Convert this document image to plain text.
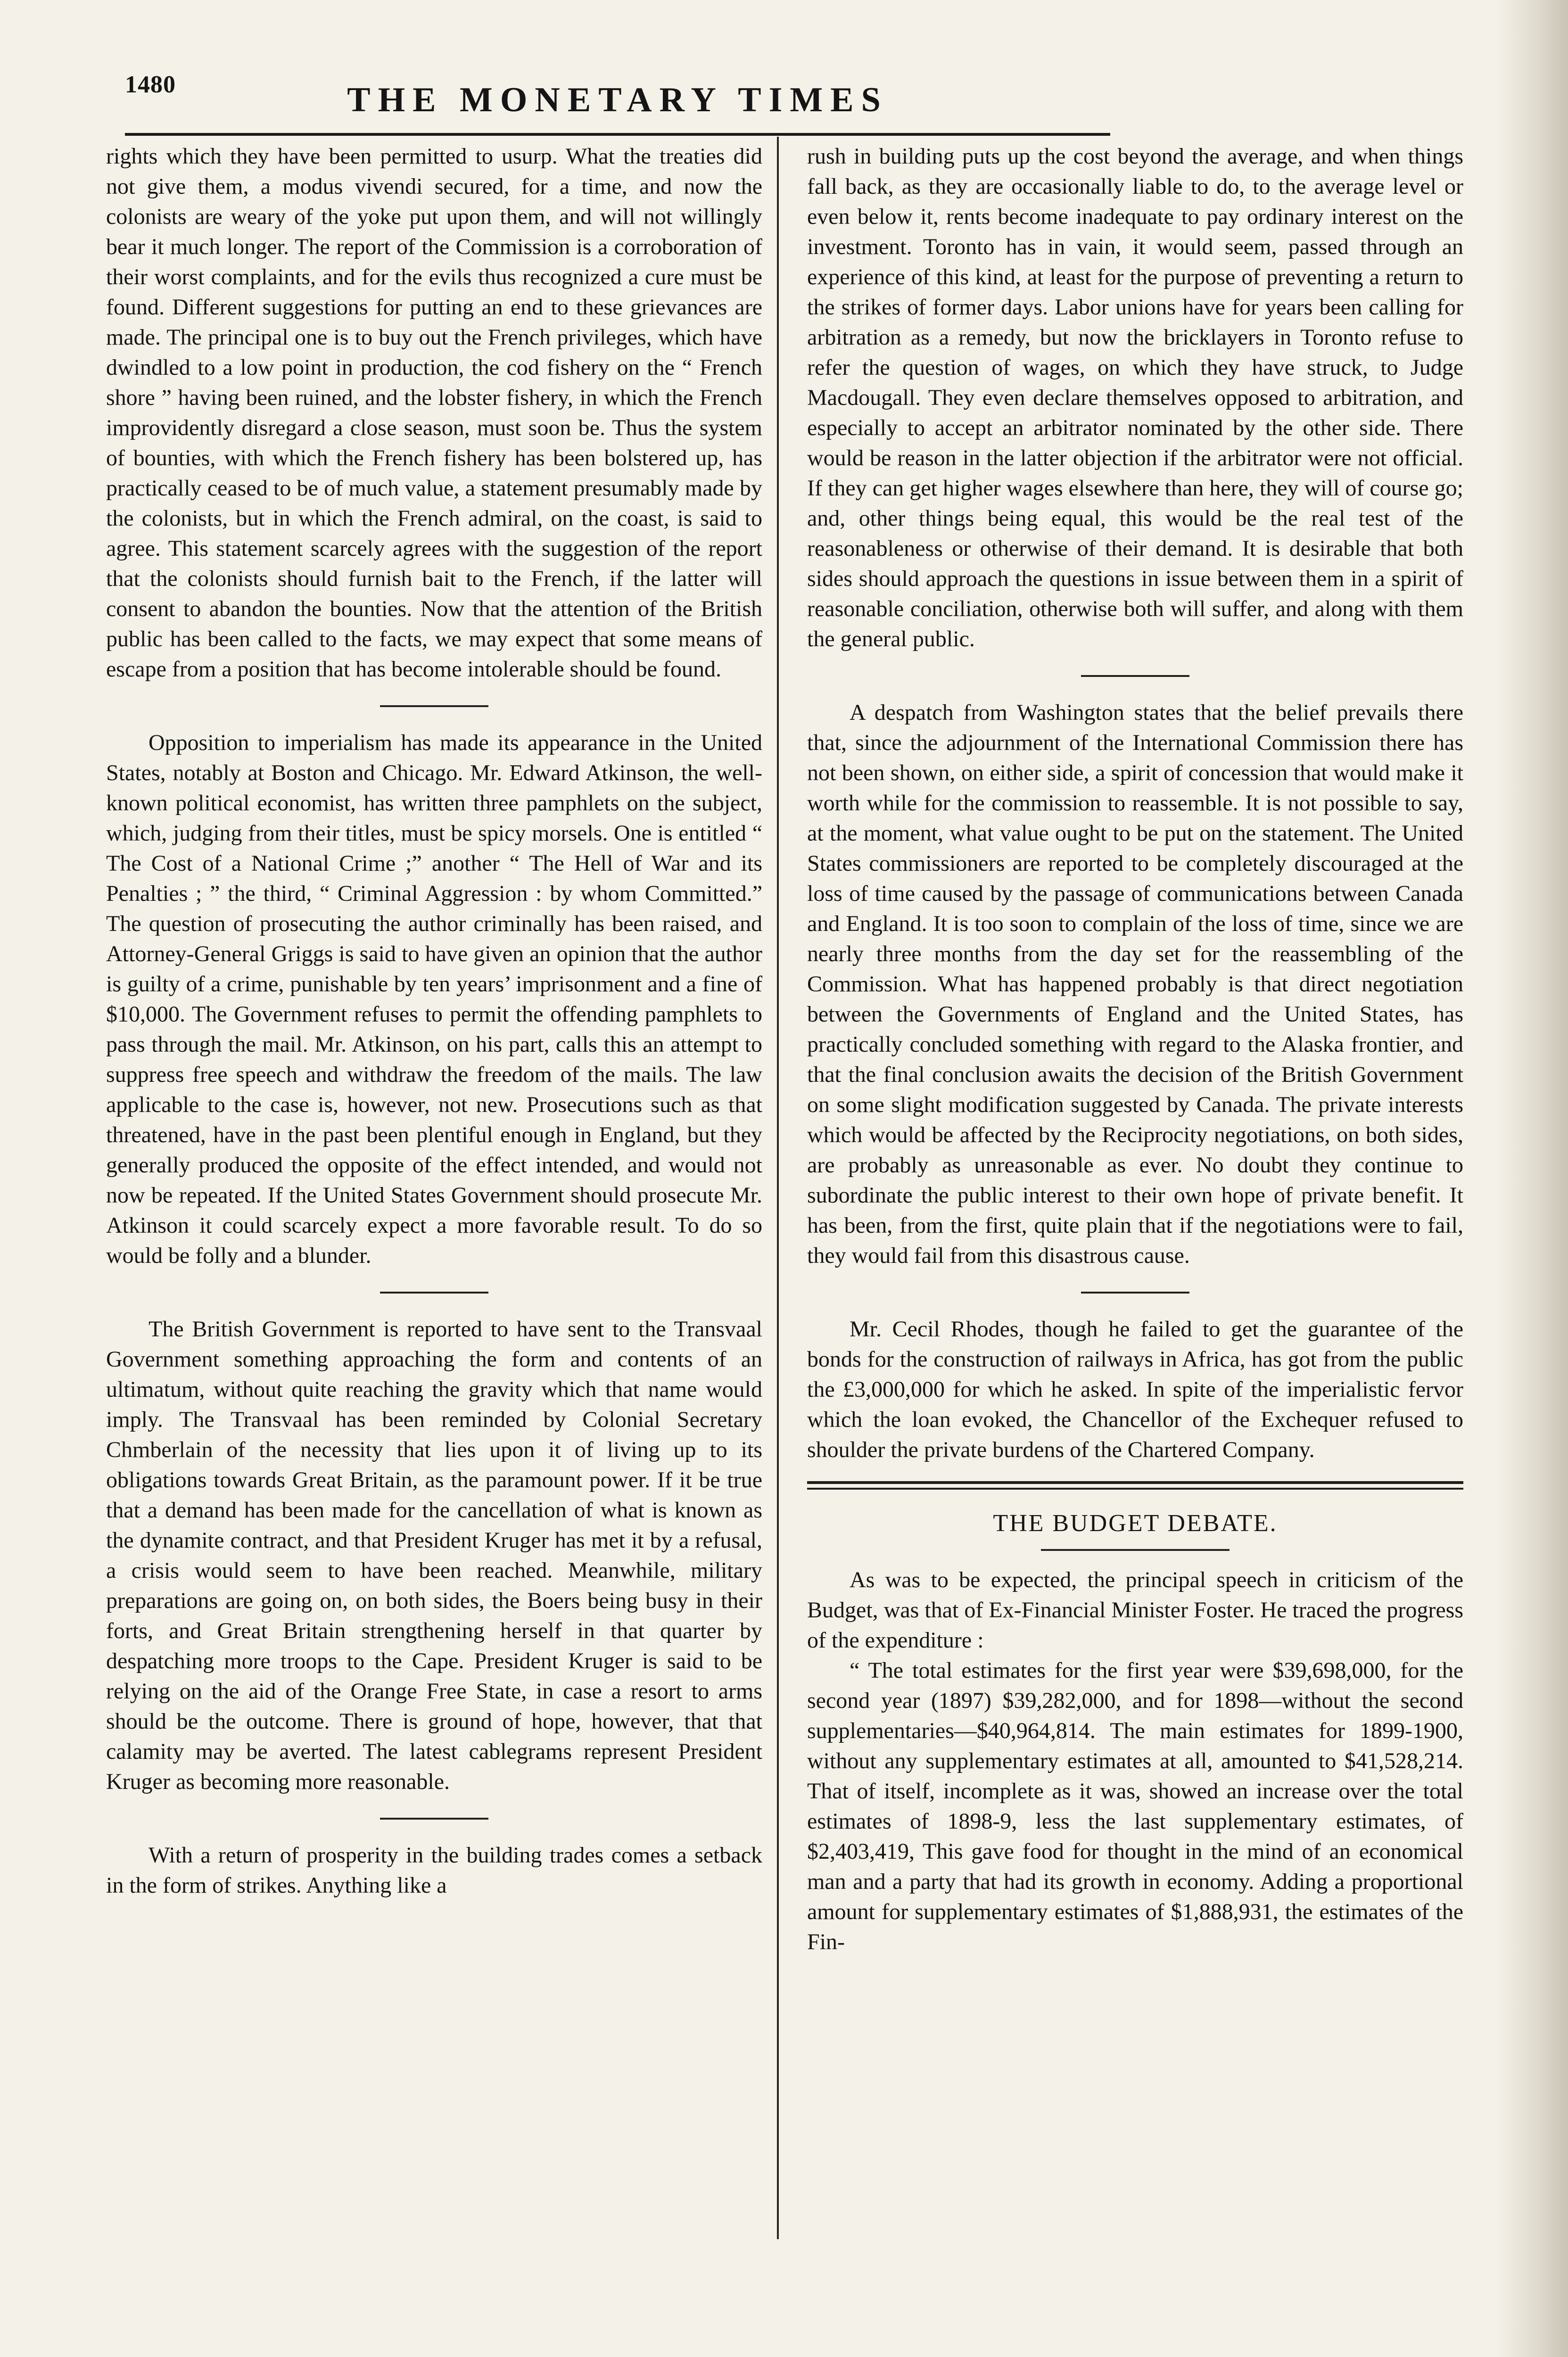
1480	THE MONETARY TIMES

rights which they have been permitted to usurp. What the treaties did not give them, a modus vivendi secured, for a time, and now the colonists are weary of the yoke put upon them, and will not willingly bear it much longer. The report of the Commission is a corroboration of their worst complaints, and for the evils thus recognized a cure must be found. Different suggestions for putting an end to these grievances are made. The principal one is to buy out the French privileges, which have dwindled to a low point in production, the cod fishery on the “ French shore ” having been ruined, and the lobster fishery, in which the French improvidently disregard a close season, must soon be. Thus the system of bounties, with which the French fishery has been bolstered up, has practically ceased to be of much value, a statement presumably made by the colonists, but in which the French admiral, on the coast, is said to agree. This statement scarcely agrees with the suggestion of the report that the colonists should furnish bait to the French, if the latter will consent to abandon the bounties. Now that the attention of the British public has been called to the facts, we may expect that some means of escape from a position that has become intolerable should be found.

Opposition to imperialism has made its appearance in the United States, notably at Boston and Chicago. Mr. Edward Atkinson, the well-known political economist, has written three pamphlets on the subject, which, judging from their titles, must be spicy morsels. One is entitled “ The Cost of a National Crime ;” another “ The Hell of War and its Penalties ; ” the third, “ Criminal Aggression : by whom Committed.” The question of prosecuting the author criminally has been raised, and Attorney-General Griggs is said to have given an opinion that the author is guilty of a crime, punishable by ten years’ imprisonment and a fine of $10,000. The Government refuses to permit the offending pamphlets to pass through the mail. Mr. Atkinson, on his part, calls this an attempt to suppress free speech and withdraw the freedom of the mails. The law applicable to the case is, however, not new. Prosecutions such as that threatened, have in the past been plentiful enough in England, but they generally produced the opposite of the effect intended, and would not now be repeated. If the United States Government should prosecute Mr. Atkinson it could scarcely expect a more favorable result. To do so would be folly and a blunder.

The British Government is reported to have sent to the Transvaal Government something approaching the form and contents of an ultimatum, without quite reaching the gravity which that name would imply. The Transvaal has been reminded by Colonial Secretary Chmberlain of the necessity that lies upon it of living up to its obligations towards Great Britain, as the paramount power. If it be true that a demand has been made for the cancellation of what is known as the dynamite contract, and that President Kruger has met it by a refusal, a crisis would seem to have been reached. Meanwhile, military preparations are going on, on both sides, the Boers being busy in their forts, and Great Britain strengthening herself in that quarter by despatching more troops to the Cape. President Kruger is said to be relying on the aid of the Orange Free State, in case a resort to arms should be the outcome. There is ground of hope, however, that that calamity may be averted. The latest cablegrams represent President Kruger as becoming more reasonable.

With a return of prosperity in the building trades comes a setback in the form of strikes. Anything like a

rush in building puts up the cost beyond the average, and when things fall back, as they are occasionally liable to do, to the average level or even below it, rents become inadequate to pay ordinary interest on the investment. Toronto has in vain, it would seem, passed through an experience of this kind, at least for the purpose of preventing a return to the strikes of former days. Labor unions have for years been calling for arbitration as a remedy, but now the bricklayers in Toronto refuse to refer the question of wages, on which they have struck, to Judge Macdougall. They even declare themselves opposed to arbitration, and especially to accept an arbitrator nominated by the other side. There would be reason in the latter objection if the arbitrator were not official. If they can get higher wages elsewhere than here, they will of course go; and, other things being equal, this would be the real test of the reasonableness or otherwise of their demand. It is desirable that both sides should approach the questions in issue between them in a spirit of reasonable conciliation, otherwise both will suffer, and along with them the general public.

A despatch from Washington states that the belief prevails there that, since the adjournment of the International Commission there has not been shown, on either side, a spirit of concession that would make it worth while for the commission to reassemble. It is not possible to say, at the moment, what value ought to be put on the statement. The United States commissioners are reported to be completely discouraged at the loss of time caused by the passage of communications between Canada and England. It is too soon to complain of the loss of time, since we are nearly three months from the day set for the reassembling of the Commission. What has happened probably is that direct negotiation between the Governments of England and the United States, has practically concluded something with regard to the Alaska frontier, and that the final conclusion awaits the decision of the British Government on some slight modification suggested by Canada. The private interests which would be affected by the Reciprocity negotiations, on both sides, are probably as unreasonable as ever. No doubt they continue to subordinate the public interest to their own hope of private benefit. It has been, from the first, quite plain that if the negotiations were to fail, they would fail from this disastrous cause.

Mr. Cecil Rhodes, though he failed to get the guarantee of the bonds for the construction of railways in Africa, has got from the public the £3,000,000 for which he asked. In spite of the imperialistic fervor which the loan evoked, the Chancellor of the Exchequer refused to shoulder the private burdens of the Chartered Company.

THE BUDGET DEBATE.

As was to be expected, the principal speech in criticism of the Budget, was that of Ex-Financial Minister Foster. He traced the progress of the expenditure :

“ The total estimates for the first year were $39,698,000, for the second year (1897) $39,282,000, and for 1898—without the second supplementaries—$40,964,814. The main estimates for 1899-1900, without any supplementary estimates at all, amounted to $41,528,214. That of itself, incomplete as it was, showed an increase over the total estimates of 1898-9, less the last supplementary estimates, of $2,403,419, This gave food for thought in the mind of an economical man and a party that had its growth in economy. Adding a proportional amount for supplementary estimates of $1,888,931, the estimates of the Fin-
